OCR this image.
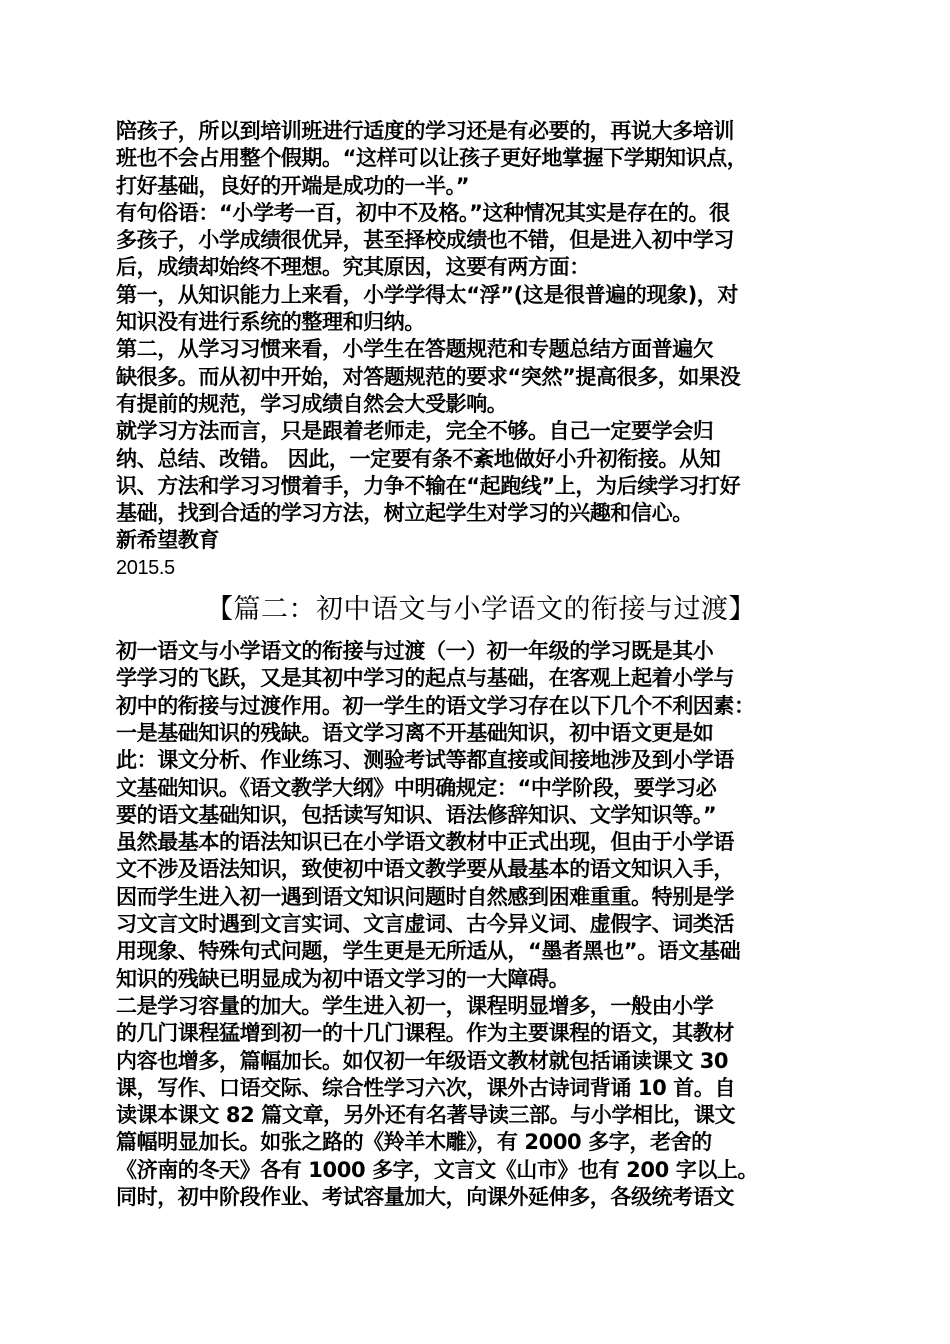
陪孩子，所以到培训班进行适度的学习还是有必要的，再说大多培训
班也不会占用整个假期。“这样可以让孩子更好地掌握下学期知识点，
打好基础，良好的开端是成功的一半。”
有句俗语：“小学考一百，初中不及格。”这种情况其实是存在的。很
多孩子，小学成绩很优异，甚至择校成绩也不错，但是进入初中学习
后，成绩却始终不理想。究其原因，这要有两方面：
第一，从知识能力上来看，小学学得太“浮”(这是很普遍的现象)，对
知识没有进行系统的整理和归纳。
第二，从学习习惯来看，小学生在答题规范和专题总结方面普遍欠
缺很多。而从初中开始，对答题规范的要求“突然”提高很多，如果没
有提前的规范，学习成绩自然会大受影响。
就学习方法而言，只是跟着老师走，完全不够。自己一定要学会归
纳、总结、改错。 因此，一定要有条不紊地做好小升初衔接。从知
识、方法和学习习惯着手，力争不输在“起跑线”上，为后续学习打好
基础，找到合适的学习方法，树立起学生对学习的兴趣和信心。
新希望教育
2015.5
【篇二：初中语文与小学语文的衔接与过渡】
初一语文与小学语文的衔接与过渡（一）初一年级的学习既是其小
学学习的飞跃，又是其初中学习的起点与基础，在客观上起着小学与
初中的衔接与过渡作用。初一学生的语文学习存在以下几个不利因素：
一是基础知识的残缺。语文学习离不开基础知识，初中语文更是如
此：课文分析、作业练习、测验考试等都直接或间接地涉及到小学语
文基础知识。《语文教学大纲》中明确规定：“中学阶段，要学习必
要的语文基础知识，包括读写知识、语法修辞知识、文学知识等。”
虽然最基本的语法知识已在小学语文教材中正式出现，但由于小学语
文不涉及语法知识，致使初中语文教学要从最基本的语文知识入手，
因而学生进入初一遇到语文知识问题时自然感到困难重重。特别是学
习文言文时遇到文言实词、文言虚词、古今异义词、虚假字、词类活
用现象、特殊句式问题，学生更是无所适从，“墨者黑也”。语文基础
知识的残缺已明显成为初中语文学习的一大障碍。
二是学习容量的加大。学生进入初一，课程明显增多，一般由小学
的几门课程猛增到初一的十几门课程。作为主要课程的语文，其教材
内容也增多，篇幅加长。如仅初一年级语文教材就包括诵读课文 30
课，写作、口语交际、综合性学习六次，课外古诗词背诵 10 首。自
读课本课文 82 篇文章，另外还有名著导读三部。与小学相比，课文
篇幅明显加长。如张之路的《羚羊木雕》，有 2000 多字，老舍的
《济南的冬天》各有 1000 多字，文言文《山市》也有 200 字以上。
同时，初中阶段作业、考试容量加大，向课外延伸多，各级统考语文
